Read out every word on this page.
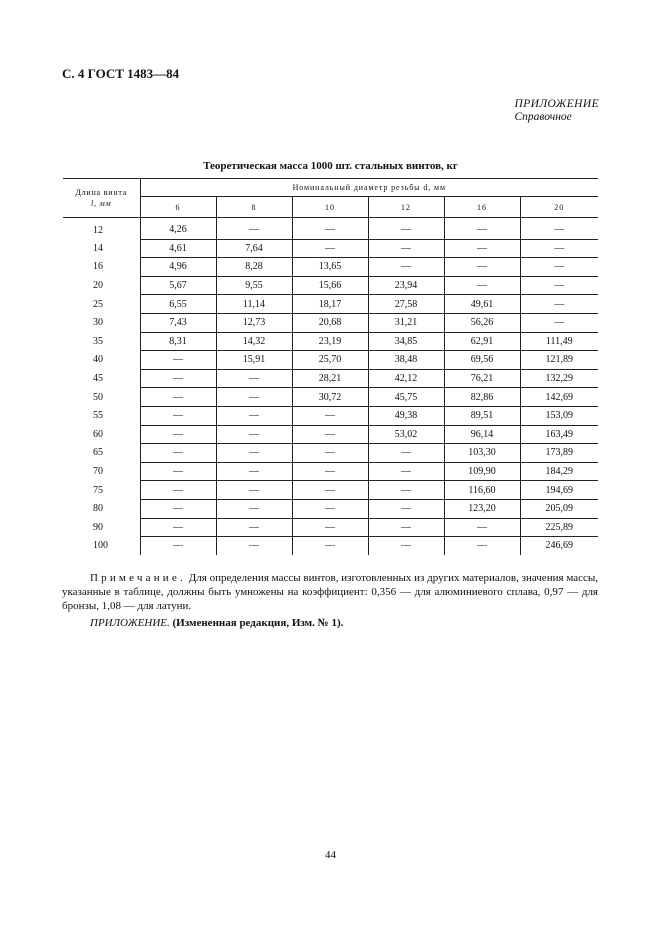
С. 4 ГОСТ 1483—84
ПРИЛОЖЕНИЕ
Справочное
Теоретическая масса 1000 шт. стальных винтов, кг
Длина винта
l, мм	Номинальный диаметр резьбы d, мм					
	6	8	10	12	16	20

12	4,26	—	—	—	—	—
14	4,61	7,64	—	—	—	—
16	4,96	8,28	13,65	—	—	—
20	5,67	9,55	15,66	23,94	—	—
25	6,55	11,14	18,17	27,58	49,61	—
30	7,43	12,73	20,68	31,21	56,26	—
35	8,31	14,32	23,19	34,85	62,91	111,49
40	—	15,91	25,70	38,48	69,56	121,89
45	—	—	28,21	42,12	76,21	132,29
50	—	—	30,72	45,75	82,86	142,69
55	—	—	—	49,38	89,51	153,09
60	—	—	—	53,02	96,14	163,49
65	—	—	—	—	103,30	173,89
70	—	—	—	—	109,90	184,29
75	—	—	—	—	116,60	194,69
80	—	—	—	—	123,20	205,09
90	—	—	—	—	—	225,89
100	—	—	—	—	—	246,69
Примечание. Для определения массы винтов, изготовленных из других материалов, значения массы, указанные в таблице, должны быть умножены на коэффициент: 0,356 — для алюминиевого сплава, 0,97 — для бронзы, 1,08 — для латуни.
ПРИЛОЖЕНИЕ. (Измененная редакция, Изм. № 1).
44
